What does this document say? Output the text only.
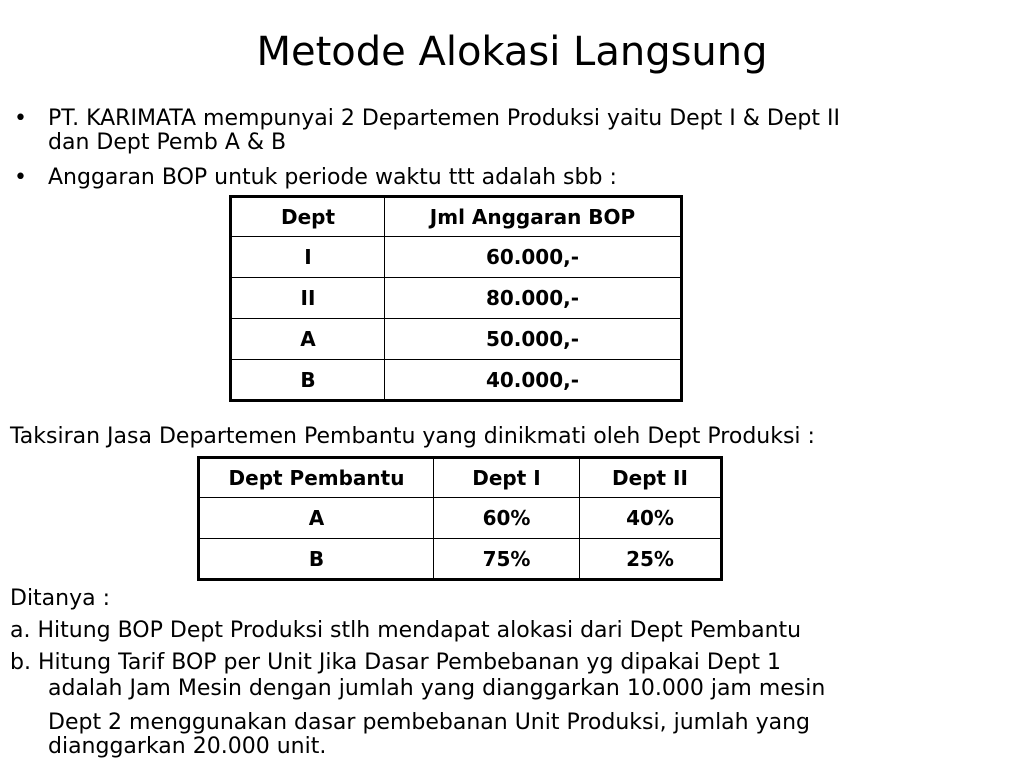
Metode Alokasi Langsung
• PT. KARIMATA mempunyai 2 Departemen Produksi yaitu Dept I & Dept II
dan Dept Pemb A & B
• Anggaran BOP untuk periode waktu ttt adalah sbb :
Dept	Jml Anggaran BOP
I	60.000,-
II	80.000,-
A	50.000,-
B	40.000,-
Taksiran Jasa Departemen Pembantu yang dinikmati oleh Dept Produksi :
Dept Pembantu	Dept I	Dept II
A	60%	40%
B	75%	25%
Ditanya :
a. Hitung BOP Dept Produksi stlh mendapat alokasi dari Dept Pembantu
b. Hitung Tarif BOP per Unit Jika Dasar Pembebanan yg dipakai Dept 1
adalah Jam Mesin dengan jumlah yang dianggarkan 10.000 jam mesin
Dept 2 menggunakan dasar pembebanan Unit Produksi, jumlah yang
dianggarkan 20.000 unit.
